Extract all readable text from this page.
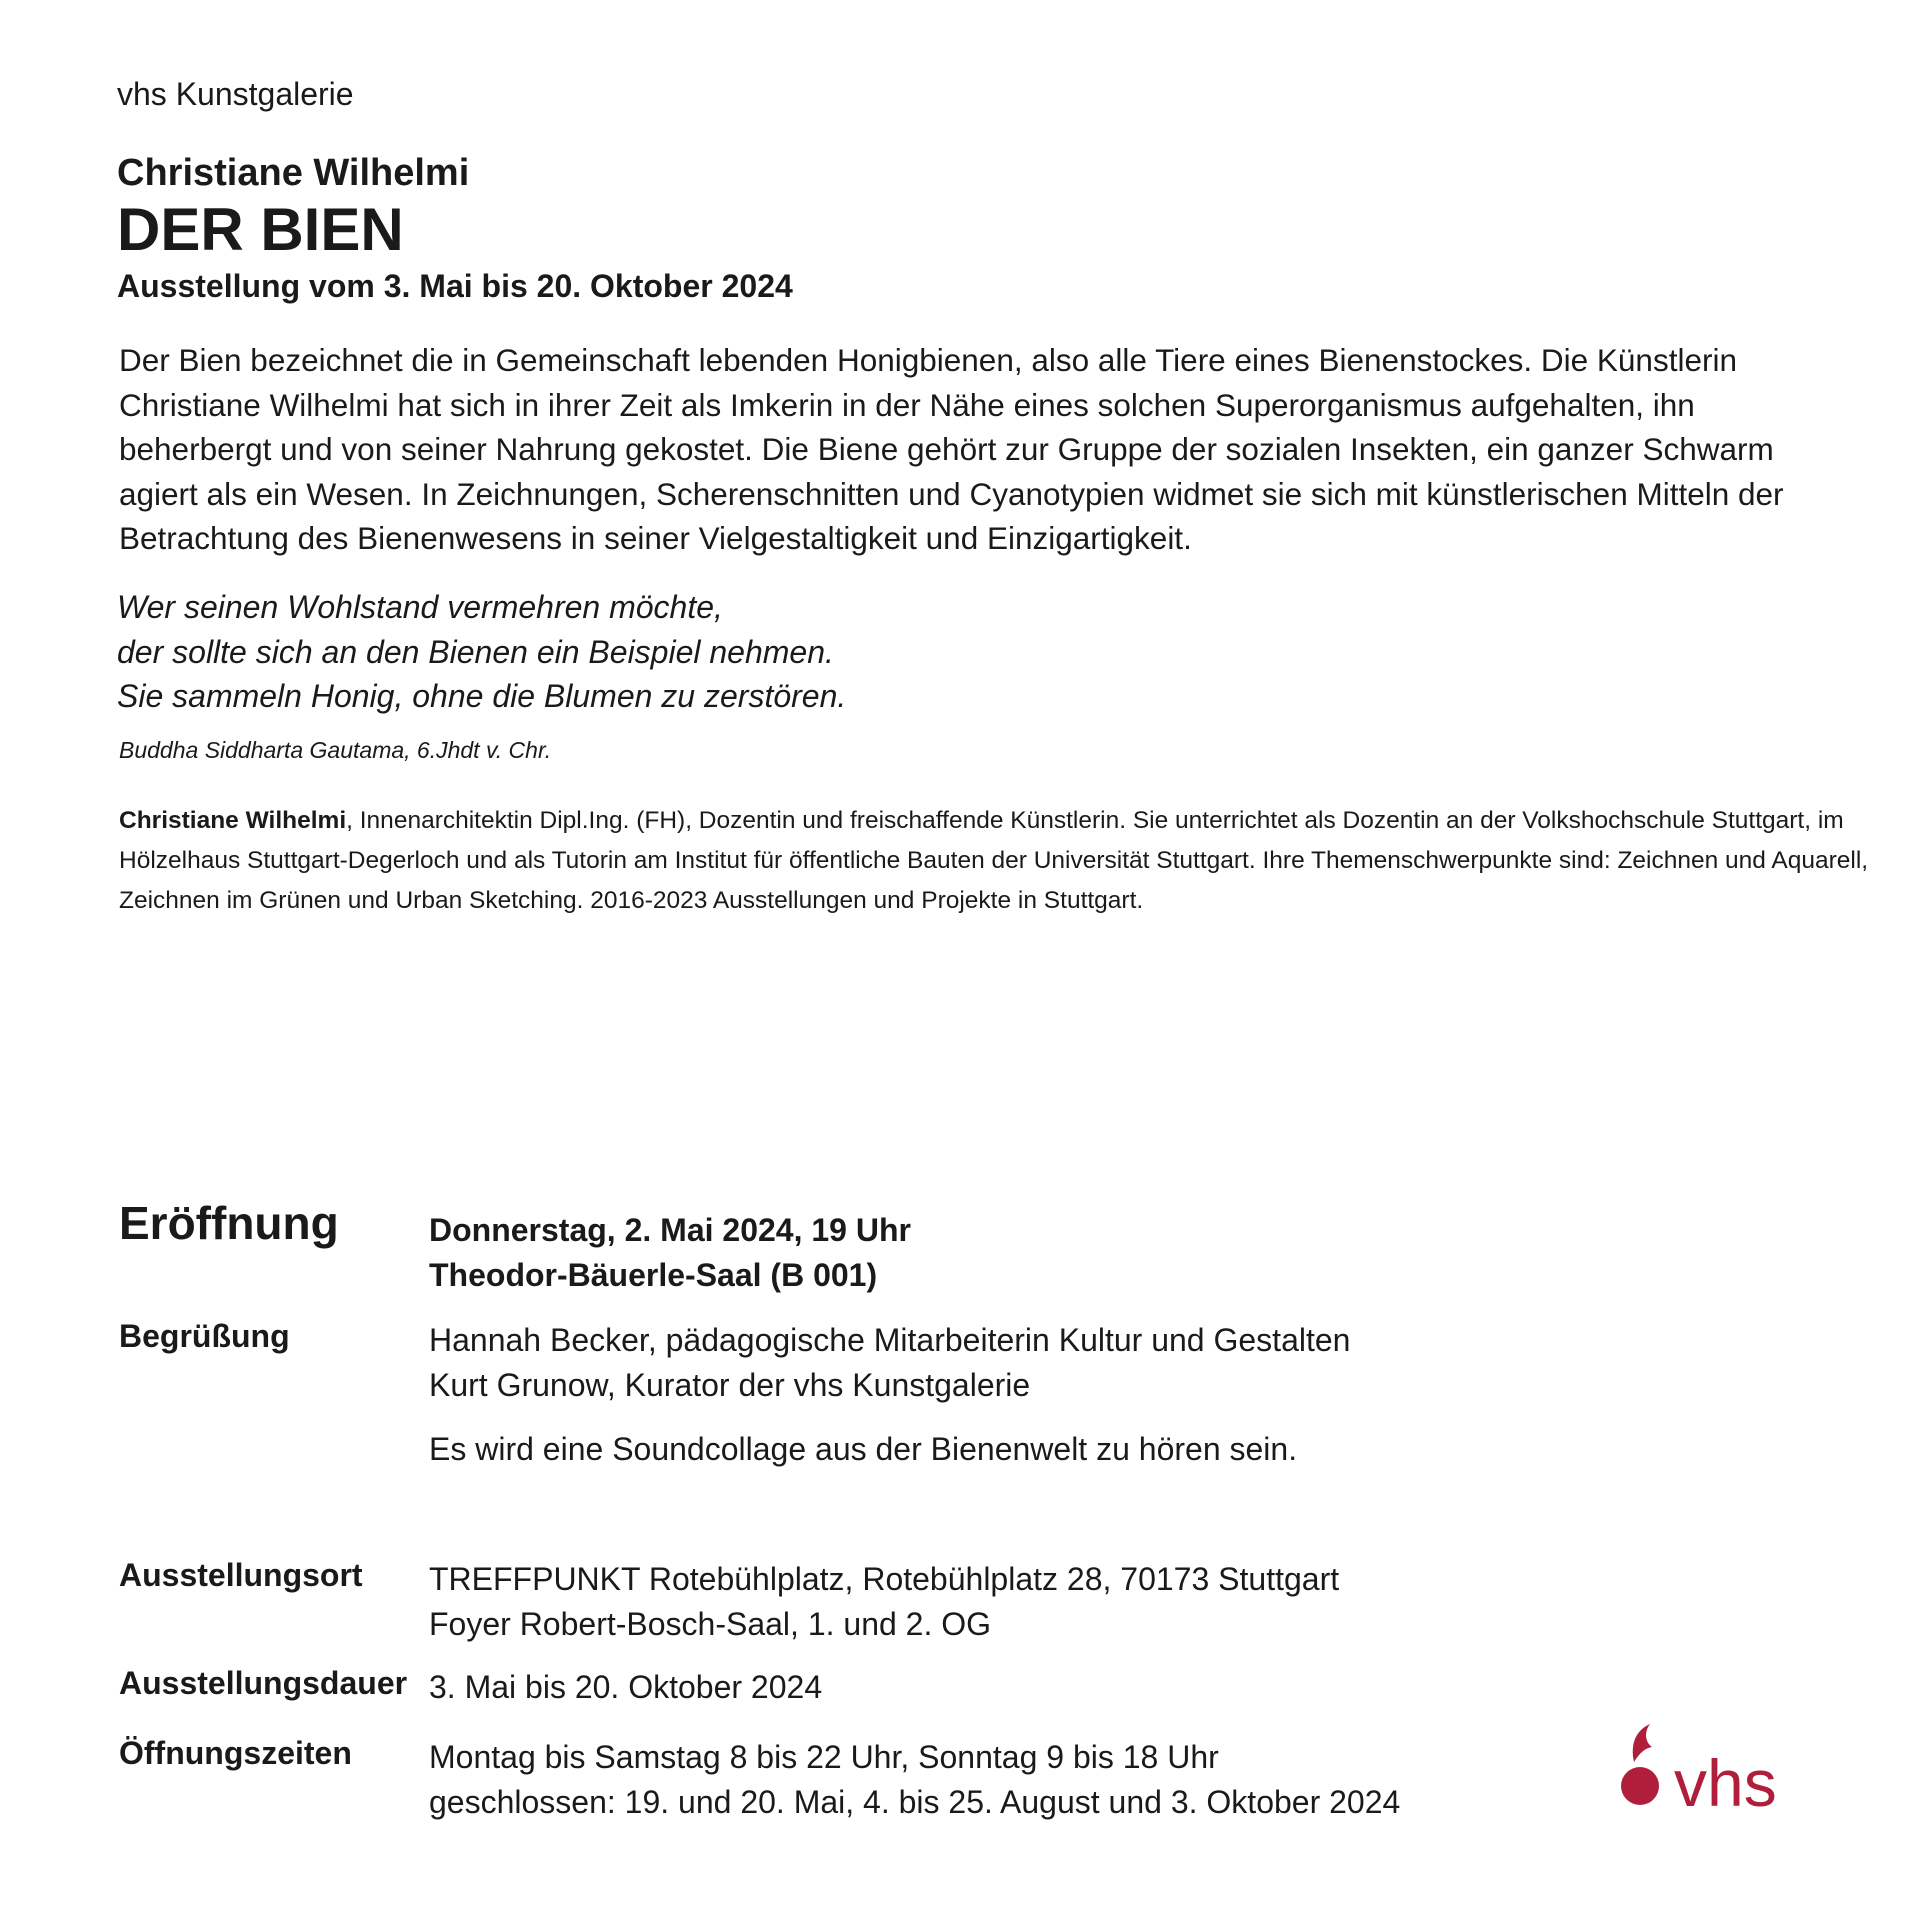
vhs Kunstgalerie
Christiane Wilhelmi
DER BIEN
Ausstellung vom 3. Mai bis 20. Oktober 2024

Der Bien bezeichnet die in Gemeinschaft lebenden Honigbienen, also alle Tiere eines Bienenstockes. Die Künstlerin Christiane Wilhelmi hat sich in ihrer Zeit als Imkerin in der Nähe eines solchen Superorganismus aufgehalten, ihn beherbergt und von seiner Nahrung gekostet. Die Biene gehört zur Gruppe der sozialen Insekten, ein ganzer Schwarm agiert als ein Wesen. In Zeichnungen, Scherenschnitten und Cyanotypien widmet sie sich mit künstlerischen Mitteln der Betrachtung des Bienenwesens in seiner Vielgestaltigkeit und Einzigartigkeit.

Wer seinen Wohlstand vermehren möchte,
der sollte sich an den Bienen ein Beispiel nehmen.
Sie sammeln Honig, ohne die Blumen zu zerstören.
Buddha Siddharta Gautama, 6.Jhdt v. Chr.

Christiane Wilhelmi, Innenarchitektin Dipl.Ing. (FH), Dozentin und freischaffende Künstlerin. Sie unterrichtet als Dozentin an der Volkshochschule Stuttgart, im Hölzelhaus Stuttgart-Degerloch und als Tutorin am Institut für öffentliche Bauten der Universität Stuttgart. Ihre Themenschwerpunkte sind: Zeichnen und Aquarell, Zeichnen im Grünen und Urban Sketching. 2016-2023 Ausstellungen und Projekte in Stuttgart.

Eröffnung	Donnerstag, 2. Mai 2024, 19 Uhr
Theodor-Bäuerle-Saal (B 001)
Begrüßung	Hannah Becker, pädagogische Mitarbeiterin Kultur und Gestalten
Kurt Grunow, Kurator der vhs Kunstgalerie
Es wird eine Soundcollage aus der Bienenwelt zu hören sein.
Ausstellungsort TREFFPUNKT Rotebühlplatz, Rotebühlplatz 28, 70173 Stuttgart
Foyer Robert-Bosch-Saal, 1. und 2. OG
Ausstellungsdauer 3. Mai bis 20. Oktober 2024
Öffnungszeiten Montag bis Samstag 8 bis 22 Uhr, Sonntag 9 bis 18 Uhr
geschlossen: 19. und 20. Mai, 4. bis 25. August und 3. Oktober 2024	vhs
